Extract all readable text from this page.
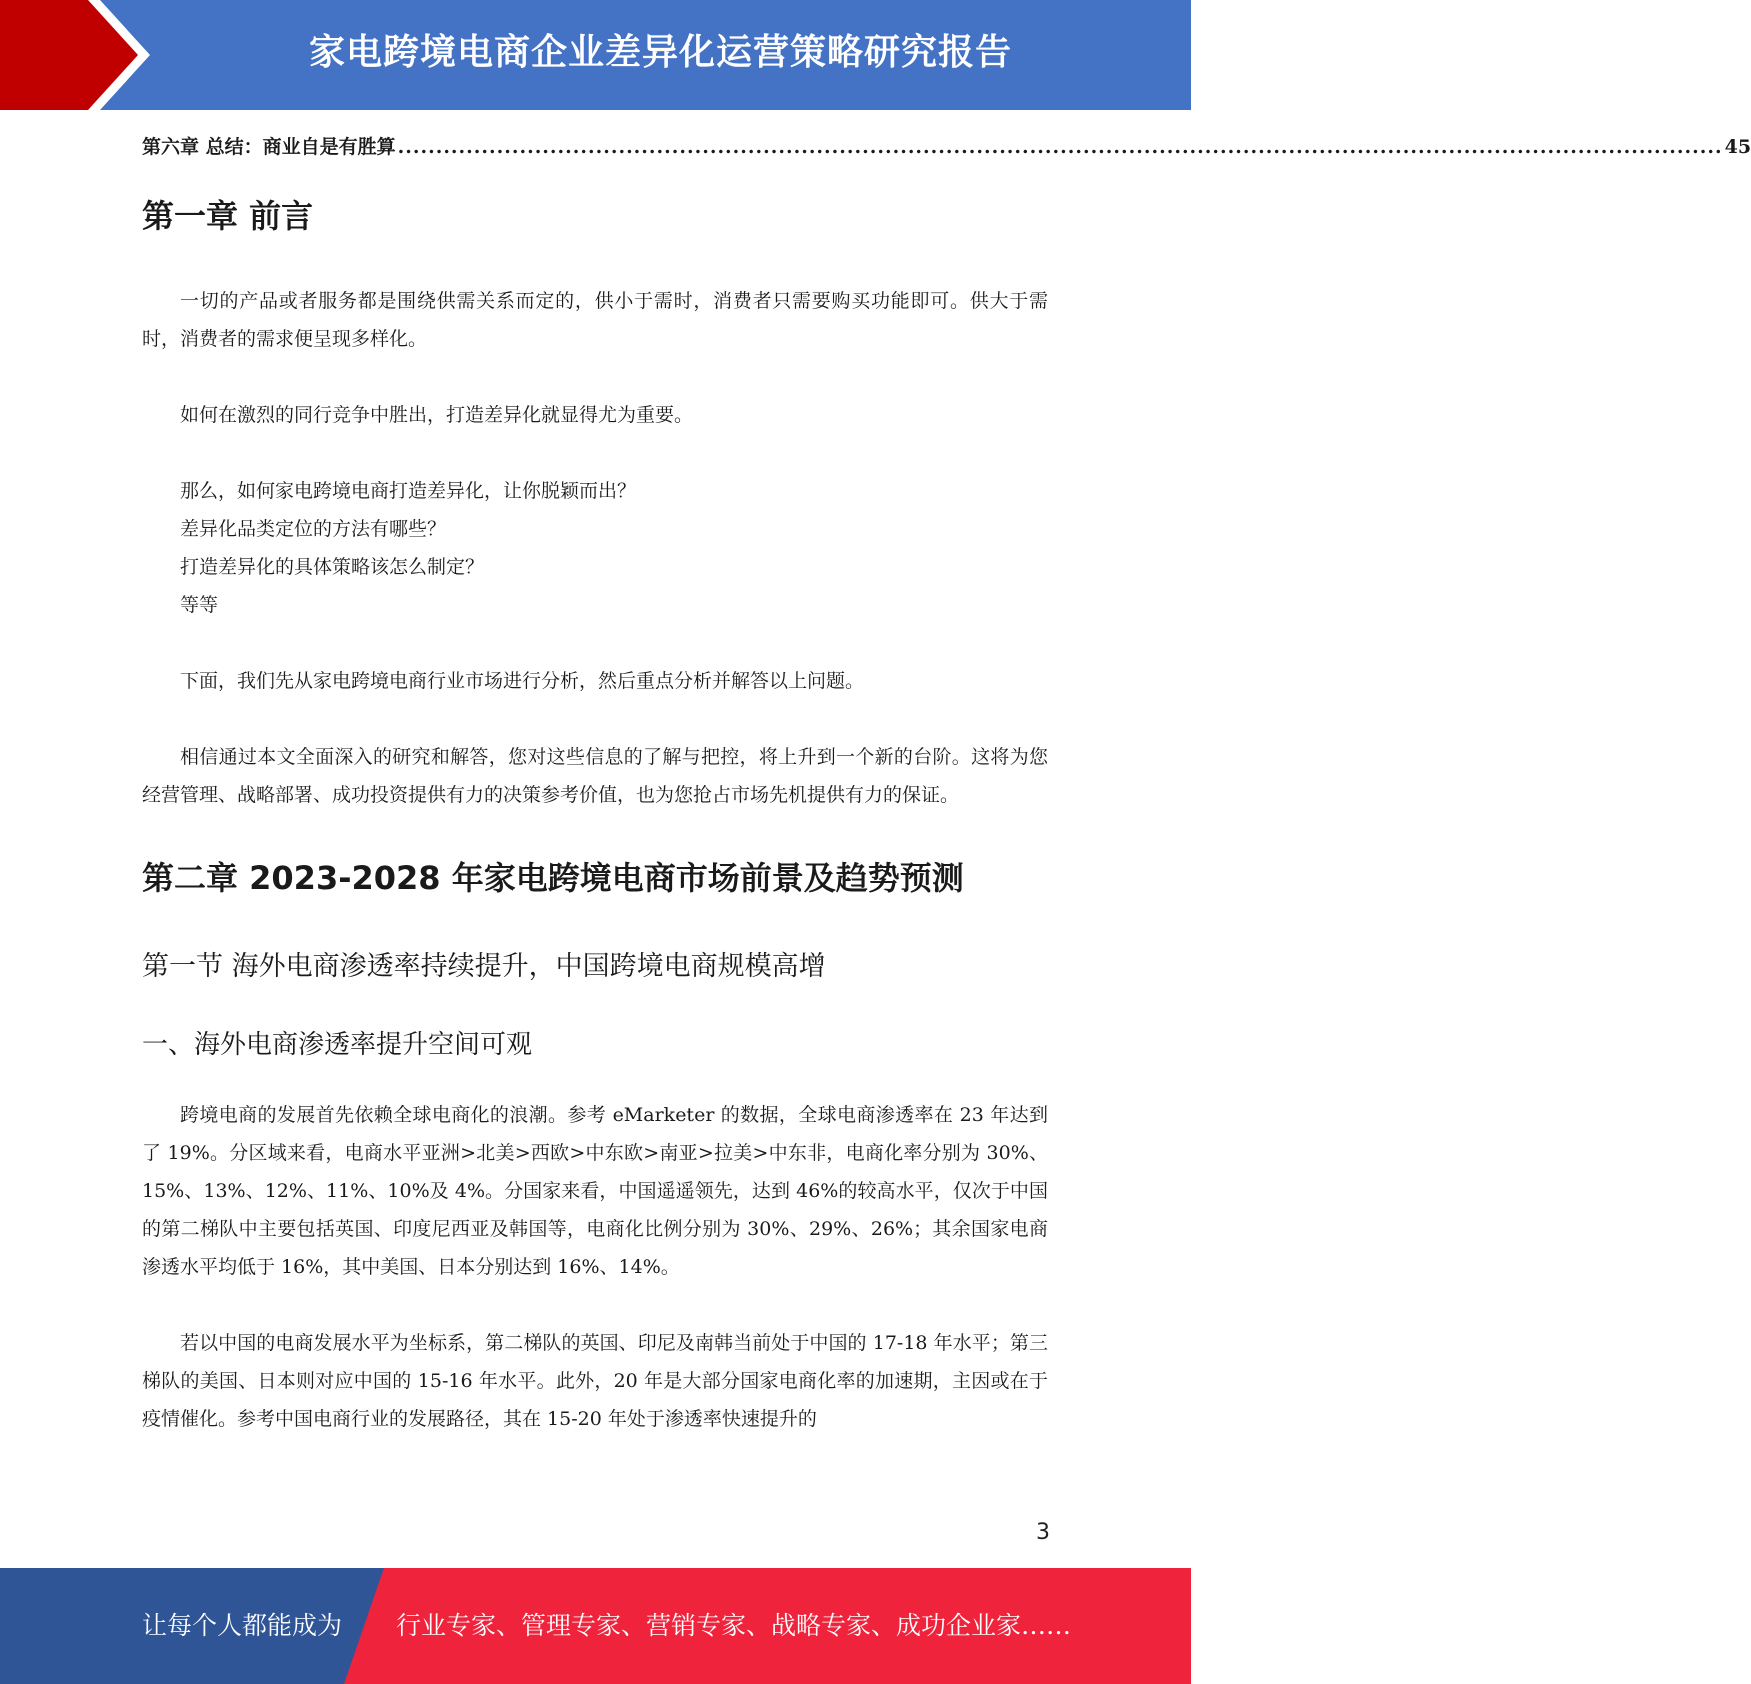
家电跨境电商企业差异化运营策略研究报告
第六章 总结：商业自是有胜算 .............................................................................................................................................................................. 45
第一章 前言

一切的产品或者服务都是围绕供需关系而定的，供小于需时，消费者只需要购买功能即可。供大于需时，消费者的需求便呈现多样化。

如何在激烈的同行竞争中胜出，打造差异化就显得尤为重要。

那么，如何家电跨境电商打造差异化，让你脱颖而出？

差异化品类定位的方法有哪些？

打造差异化的具体策略该怎么制定？

等等

下面，我们先从家电跨境电商行业市场进行分析，然后重点分析并解答以上问题。

相信通过本文全面深入的研究和解答，您对这些信息的了解与把控，将上升到一个新的台阶。这将为您经营管理、战略部署、成功投资提供有力的决策参考价值，也为您抢占市场先机提供有力的保证。

第二章 2023-2028 年家电跨境电商市场前景及趋势预测
第一节 海外电商渗透率持续提升，中国跨境电商规模高增
一、海外电商渗透率提升空间可观

跨境电商的发展首先依赖全球电商化的浪潮。参考 eMarketer 的数据，全球电商渗透率在 23 年达到了 19%。分区域来看，电商水平亚洲>北美>西欧>中东欧>南亚>拉美>中东非，电商化率分别为 30%、15%、13%、12%、11%、10%及 4%。分国家来看，中国遥遥领先，达到 46%的较高水平，仅次于中国的第二梯队中主要包括英国、印度尼西亚及韩国等，电商化比例分别为 30%、29%、26%；其余国家电商渗透水平均低于 16%，其中美国、日本分别达到 16%、14%。

若以中国的电商发展水平为坐标系，第二梯队的英国、印尼及南韩当前处于中国的 17-18 年水平；第三梯队的美国、日本则对应中国的 15-16 年水平。此外，20 年是大部分国家电商化率的加速期，主因或在于疫情催化。参考中国电商行业的发展路径，其在 15-20 年处于渗透率快速提升的

3
让每个人都能成为 行业专家、管理专家、营销专家、战略专家、成功企业家……
